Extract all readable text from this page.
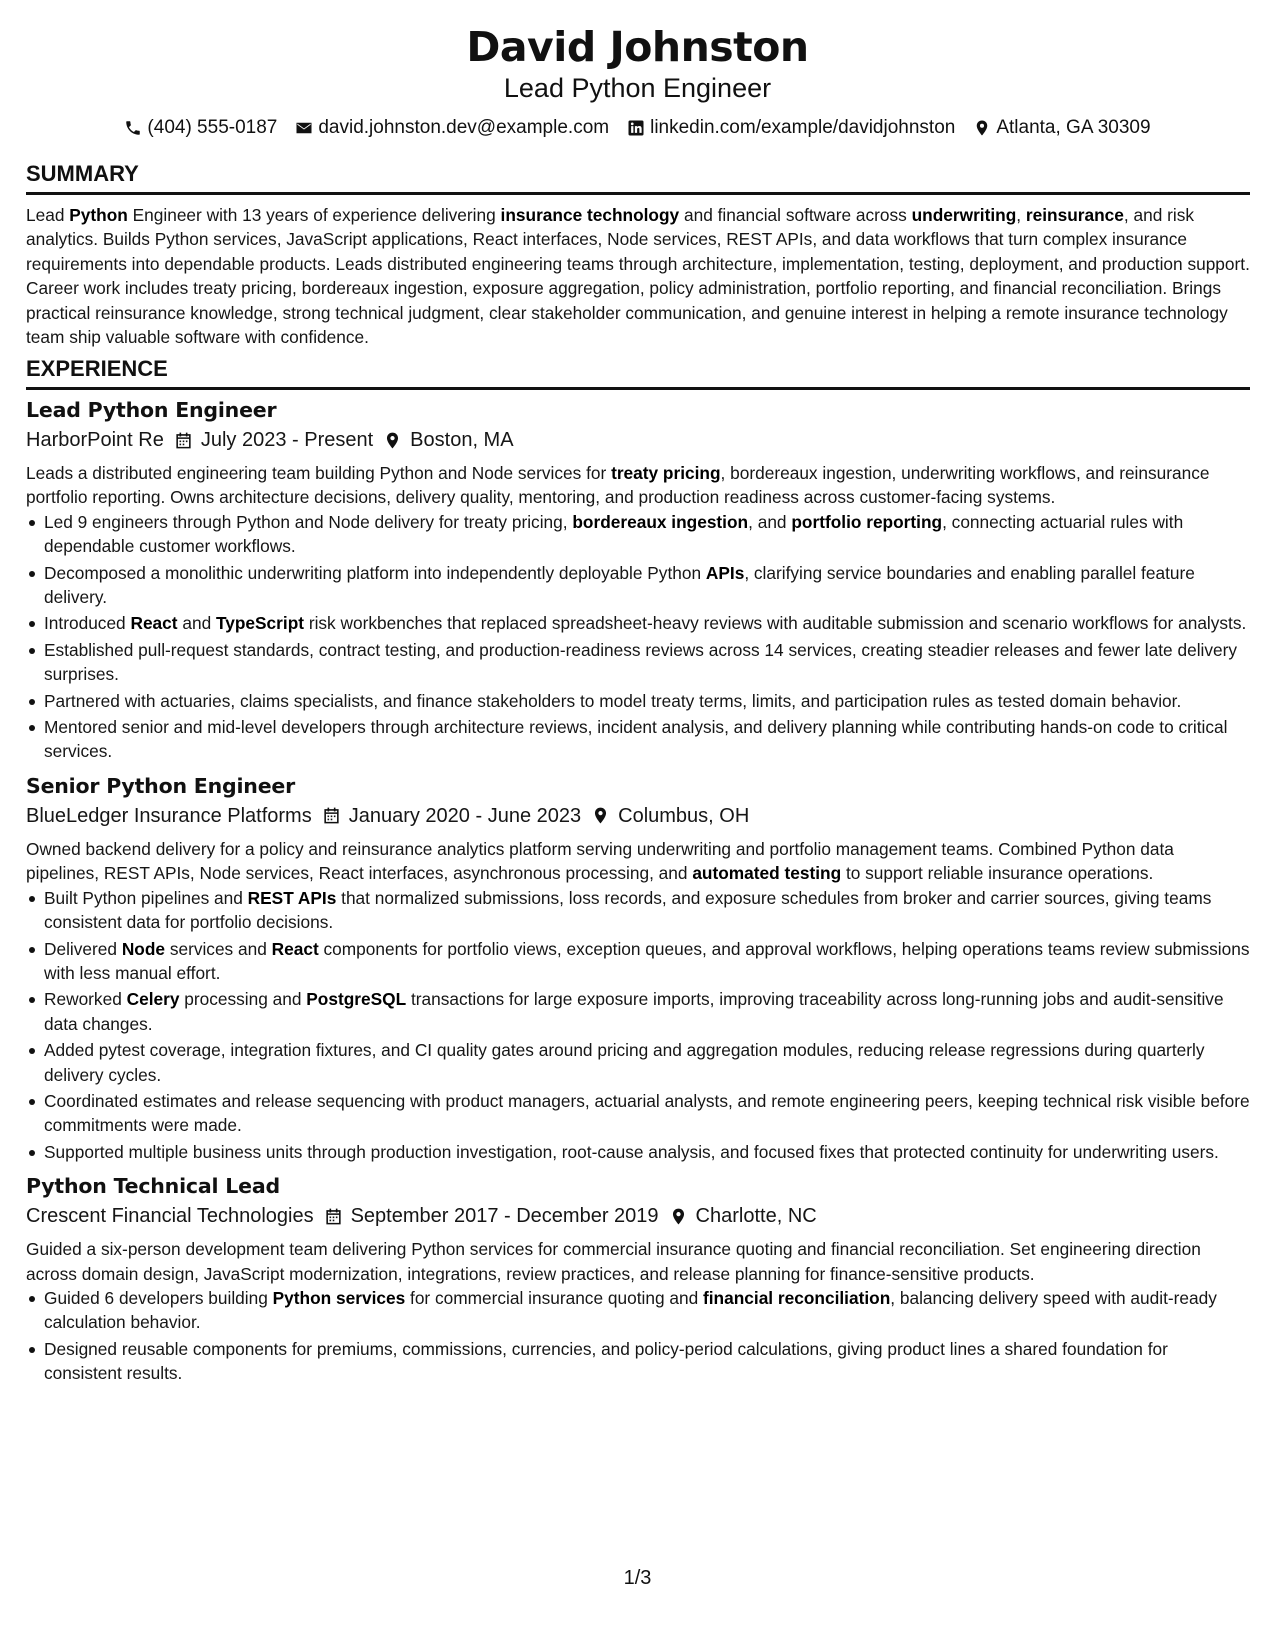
David Johnston
Lead Python Engineer
(404) 555-0187 david.johnston.dev@example.com linkedin.com/example/davidjohnston Atlanta, GA 30309
SUMMARY

Lead Python Engineer with 13 years of experience delivering insurance technology and financial software across underwriting, reinsurance, and risk analytics. Builds Python services, JavaScript applications, React interfaces, Node services, REST APIs, and data workflows that turn complex insurance requirements into dependable products. Leads distributed engineering teams through architecture, implementation, testing, deployment, and production support. Career work includes treaty pricing, bordereaux ingestion, exposure aggregation, policy administration, portfolio reporting, and financial reconciliation. Brings practical reinsurance knowledge, strong technical judgment, clear stakeholder communication, and genuine interest in helping a remote insurance technology team ship valuable software with confidence.

EXPERIENCE
Lead Python Engineer
HarborPoint Re July 2023 - Present Boston, MA

Leads a distributed engineering team building Python and Node services for treaty pricing, bordereaux ingestion, underwriting workflows, and reinsurance portfolio reporting. Owns architecture decisions, delivery quality, mentoring, and production readiness across customer-facing systems.

Led 9 engineers through Python and Node delivery for treaty pricing, bordereaux ingestion, and portfolio reporting, connecting actuarial rules with dependable customer workflows.
Decomposed a monolithic underwriting platform into independently deployable Python APIs, clarifying service boundaries and enabling parallel feature delivery.
Introduced React and TypeScript risk workbenches that replaced spreadsheet-heavy reviews with auditable submission and scenario workflows for analysts.
Established pull-request standards, contract testing, and production-readiness reviews across 14 services, creating steadier releases and fewer late delivery surprises.
Partnered with actuaries, claims specialists, and finance stakeholders to model treaty terms, limits, and participation rules as tested domain behavior.
Mentored senior and mid-level developers through architecture reviews, incident analysis, and delivery planning while contributing hands-on code to critical services.
Senior Python Engineer
BlueLedger Insurance Platforms January 2020 - June 2023 Columbus, OH

Owned backend delivery for a policy and reinsurance analytics platform serving underwriting and portfolio management teams. Combined Python data pipelines, REST APIs, Node services, React interfaces, asynchronous processing, and automated testing to support reliable insurance operations.

Built Python pipelines and REST APIs that normalized submissions, loss records, and exposure schedules from broker and carrier sources, giving teams consistent data for portfolio decisions.
Delivered Node services and React components for portfolio views, exception queues, and approval workflows, helping operations teams review submissions with less manual effort.
Reworked Celery processing and PostgreSQL transactions for large exposure imports, improving traceability across long-running jobs and audit-sensitive data changes.
Added pytest coverage, integration fixtures, and CI quality gates around pricing and aggregation modules, reducing release regressions during quarterly delivery cycles.
Coordinated estimates and release sequencing with product managers, actuarial analysts, and remote engineering peers, keeping technical risk visible before commitments were made.
Supported multiple business units through production investigation, root-cause analysis, and focused fixes that protected continuity for underwriting users.
Python Technical Lead
Crescent Financial Technologies September 2017 - December 2019 Charlotte, NC

Guided a six-person development team delivering Python services for commercial insurance quoting and financial reconciliation. Set engineering direction across domain design, JavaScript modernization, integrations, review practices, and release planning for finance-sensitive products.

Guided 6 developers building Python services for commercial insurance quoting and financial reconciliation, balancing delivery speed with audit-ready calculation behavior.
Designed reusable components for premiums, commissions, currencies, and policy-period calculations, giving product lines a shared foundation for consistent results.
1/3
